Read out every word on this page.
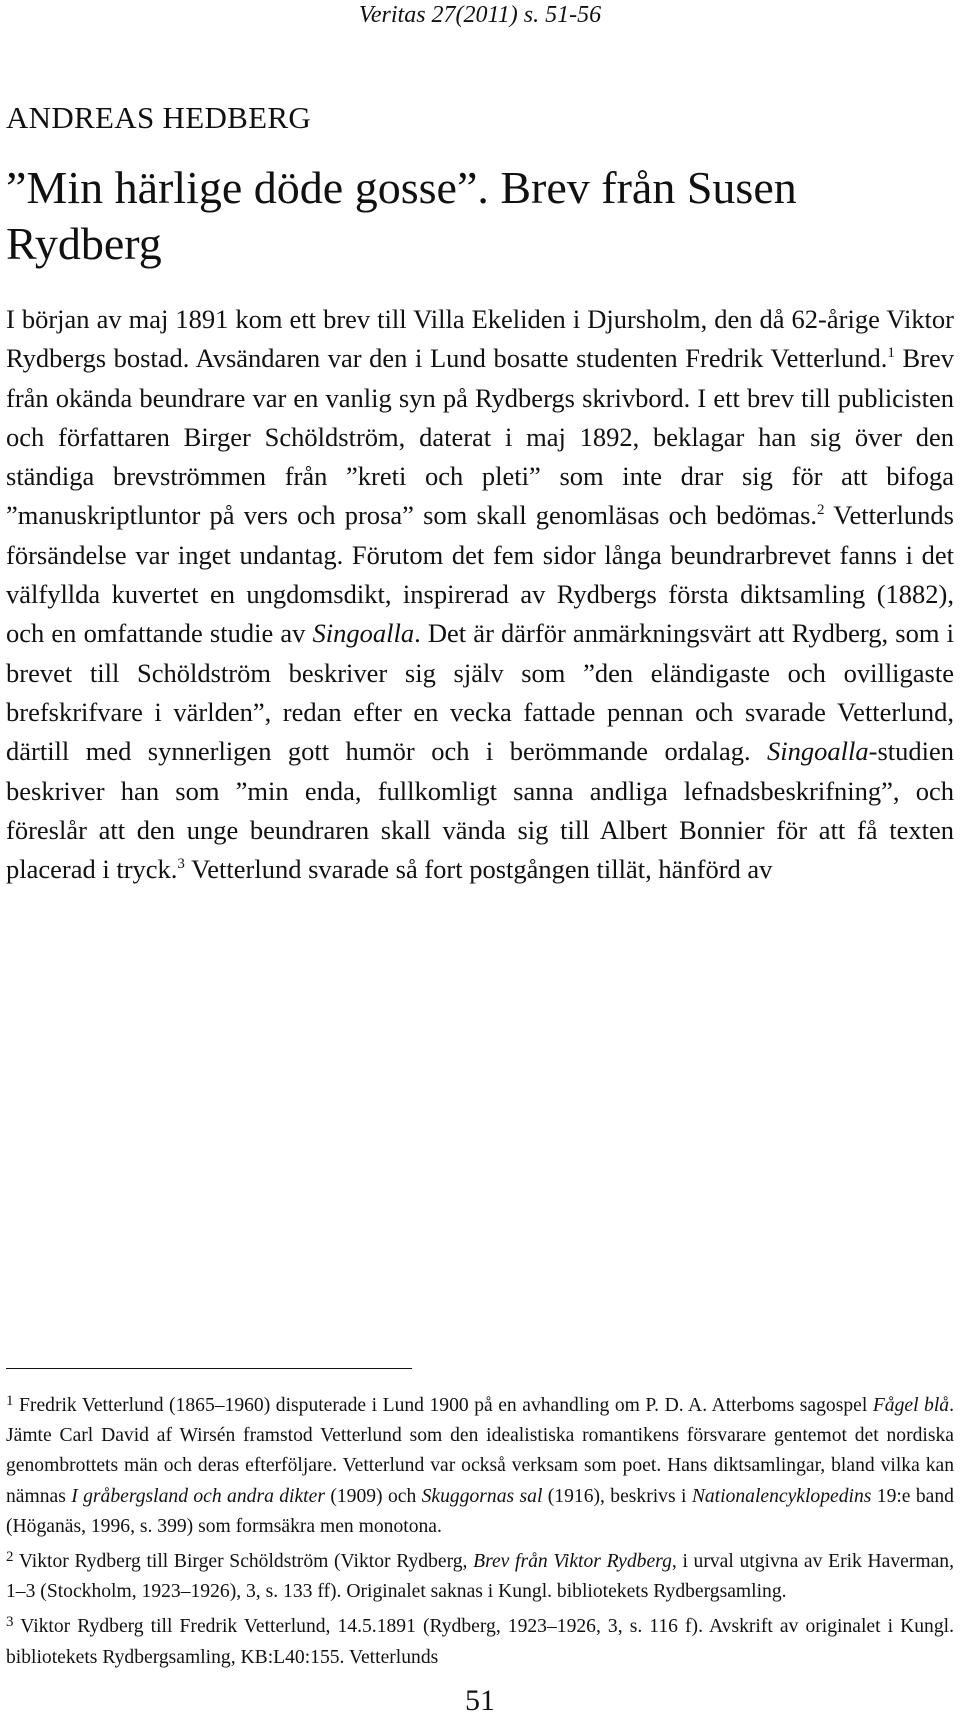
Veritas 27(2011) s. 51-56
ANDREAS HEDBERG
”Min härlige döde gosse”. Brev från Susen Rydberg

I början av maj 1891 kom ett brev till Villa Ekeliden i Djursholm, den då 62-årige Viktor Rydbergs bostad. Avsändaren var den i Lund bosatte studenten Fredrik Vetterlund.$^1$ Brev från okända beundrare var en vanlig syn på Rydbergs skrivbord. I ett brev till publicisten och författaren Birger Schöldström, daterat i maj 1892, beklagar han sig över den ständiga brevströmmen från ”kreti och pleti” som inte drar sig för att bifoga ”manuskriptluntor på vers och prosa” som skall genomläsas och bedömas.$^2$ Vetterlunds försändelse var inget undantag. Förutom det fem sidor långa beundrarbrevet fanns i det välfyllda kuvertet en ungdomsdikt, inspirerad av Rydbergs första diktsamling (1882), och en omfattande studie av Singoalla. Det är därför anmärkningsvärt att Rydberg, som i brevet till Schöldström beskriver sig själv som ”den eländigaste och ovilligaste brefskrifvare i världen”, redan efter en vecka fattade pennan och svarade Vetterlund, därtill med synnerligen gott humör och i berömmande ordalag. Singoalla-studien beskriver han som ”min enda, fullkomligt sanna andliga lefnadsbeskrifning”, och föreslår att den unge beundraren skall vända sig till Albert Bonnier för att få texten placerad i tryck.$^3$ Vetterlund svarade så fort postgången tillät, hänförd av

$^1$ Fredrik Vetterlund (1865–1960) disputerade i Lund 1900 på en avhandling om P. D. A. Atterboms sagospel Fågel blå. Jämte Carl David af Wirsén framstod Vetterlund som den idealistiska romantikens försvarare gentemot det nordiska genombrottets män och deras efterföljare. Vetterlund var också verksam som poet. Hans diktsamlingar, bland vilka kan nämnas I gråbergsland och andra dikter (1909) och Skuggornas sal (1916), beskrivs i Nationalencyklopedins 19:e band (Höganäs, 1996, s. 399) som formsäkra men monotona.

$^2$ Viktor Rydberg till Birger Schöldström (Viktor Rydberg, Brev från Viktor Rydberg, i urval utgivna av Erik Haverman, 1–3 (Stockholm, 1923–1926), 3, s. 133 ff). Originalet saknas i Kungl. bibliotekets Rydbergsamling.

$^3$ Viktor Rydberg till Fredrik Vetterlund, 14.5.1891 (Rydberg, 1923–1926, 3, s. 116 f). Avskrift av originalet i Kungl. bibliotekets Rydbergsamling, KB:L40:155. Vetterlunds

51
